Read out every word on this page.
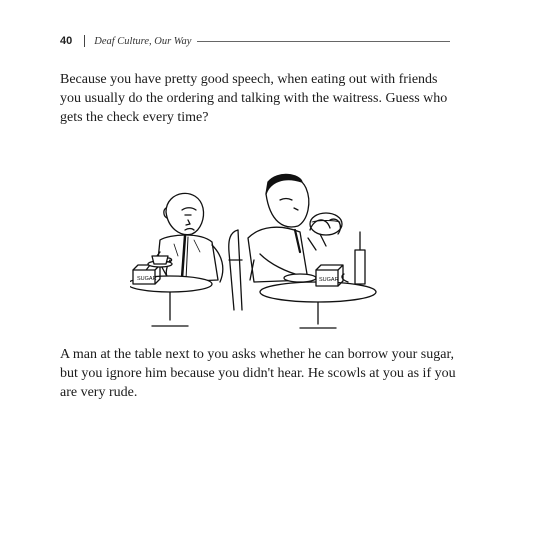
40 Deaf Culture, Our Way

Because you have pretty good speech, when eating out with friends you usually do the ordering and talking with the waitress. Guess who gets the check every time?

SUGAR	SUGAR

A man at the table next to you asks whether he can borrow your sugar, but you ignore him because you didn't hear. He scowls at you as if you are very rude.
